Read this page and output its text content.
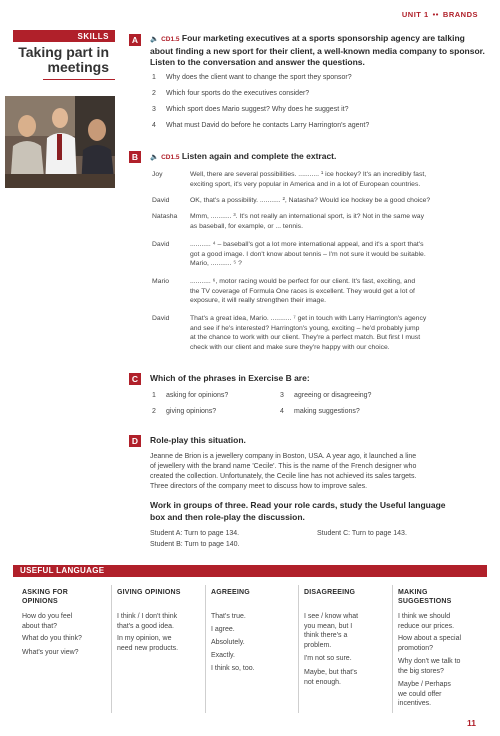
UNIT 1 •• BRANDS
SKILLS
Taking part in
meetings
A	🔈 CD1.5 Four marketing executives at a sports sponsorship agency are talking about finding a new sport for their client, a well-known media company to sponsor. Listen to the conversation and answer the questions.
1 Why does the client want to change the sport they sponsor?
2 Which four sports do the executives consider?
3 Which sport does Mario suggest? Why does he suggest it?
4 What must David do before he contacts Larry Harrington's agent?
B	🔈 CD1.5 Listen again and complete the extract.
Joy	Well, there are several possibilities. ........... ¹ ice hockey? It's an incredibly fast,
exciting sport, it's very popular in America and in a lot of European countries.
David	OK, that's a possibility. ........... ², Natasha? Would ice hockey be a good choice?
Natasha	Mmm, ........... ³. It's not really an international sport, is it? Not in the same way
as baseball, for example, or ... tennis.
David	........... ⁴ – baseball's got a lot more international appeal, and it's a sport that's
got a good image. I don't know about tennis – I'm not sure it would be suitable.
Mario, ........... ⁵ ?
Mario	........... ⁶, motor racing would be perfect for our client. It's fast, exciting, and
the TV coverage of Formula One races is excellent. They would get a lot of
exposure, it will really strengthen their image.
David	That's a great idea, Mario. ........... ⁷ get in touch with Larry Harrington's agency
and see if he's interested? Harrington's young, exciting – he'd probably jump
at the chance to work with our client. They're a perfect match. But first I must
check with our client and make sure they're happy with our choice.
C	Which of the phrases in Exercise B are:
1 asking for opinions?
2 giving opinions?
3 agreeing or disagreeing?
4 making suggestions?
D	Role-play this situation.
Jeanne de Brion is a jewellery company in Boston, USA. A year ago, it launched a line
of jewellery with the brand name 'Cecile'. This is the name of the French designer who
created the collection. Unfortunately, the Cecile line has not achieved its sales targets.
Three directors of the company meet to discuss how to improve sales.
Work in groups of three. Read your role cards, study the Useful language
box and then role-play the discussion.
Student A: Turn to page 134.
Student B: Turn to page 140.
Student C: Turn to page 143.
USEFUL LANGUAGE
ASKING FOR
OPINIONS
How do you feel
about that?
What do you think?
What's your view?
GIVING OPINIONS
I think / I don't think
that's a good idea.
In my opinion, we
need new products.
AGREEING
That's true.
I agree.
Absolutely.
Exactly.
I think so, too.
DISAGREEING
I see / know what
you mean, but I
think there's a
problem.
I'm not so sure.
Maybe, but that's
not enough.
MAKING
SUGGESTIONS
I think we should
reduce our prices.
How about a special
promotion?
Why don't we talk to
the big stores?
Maybe / Perhaps
we could offer
incentives.
11
